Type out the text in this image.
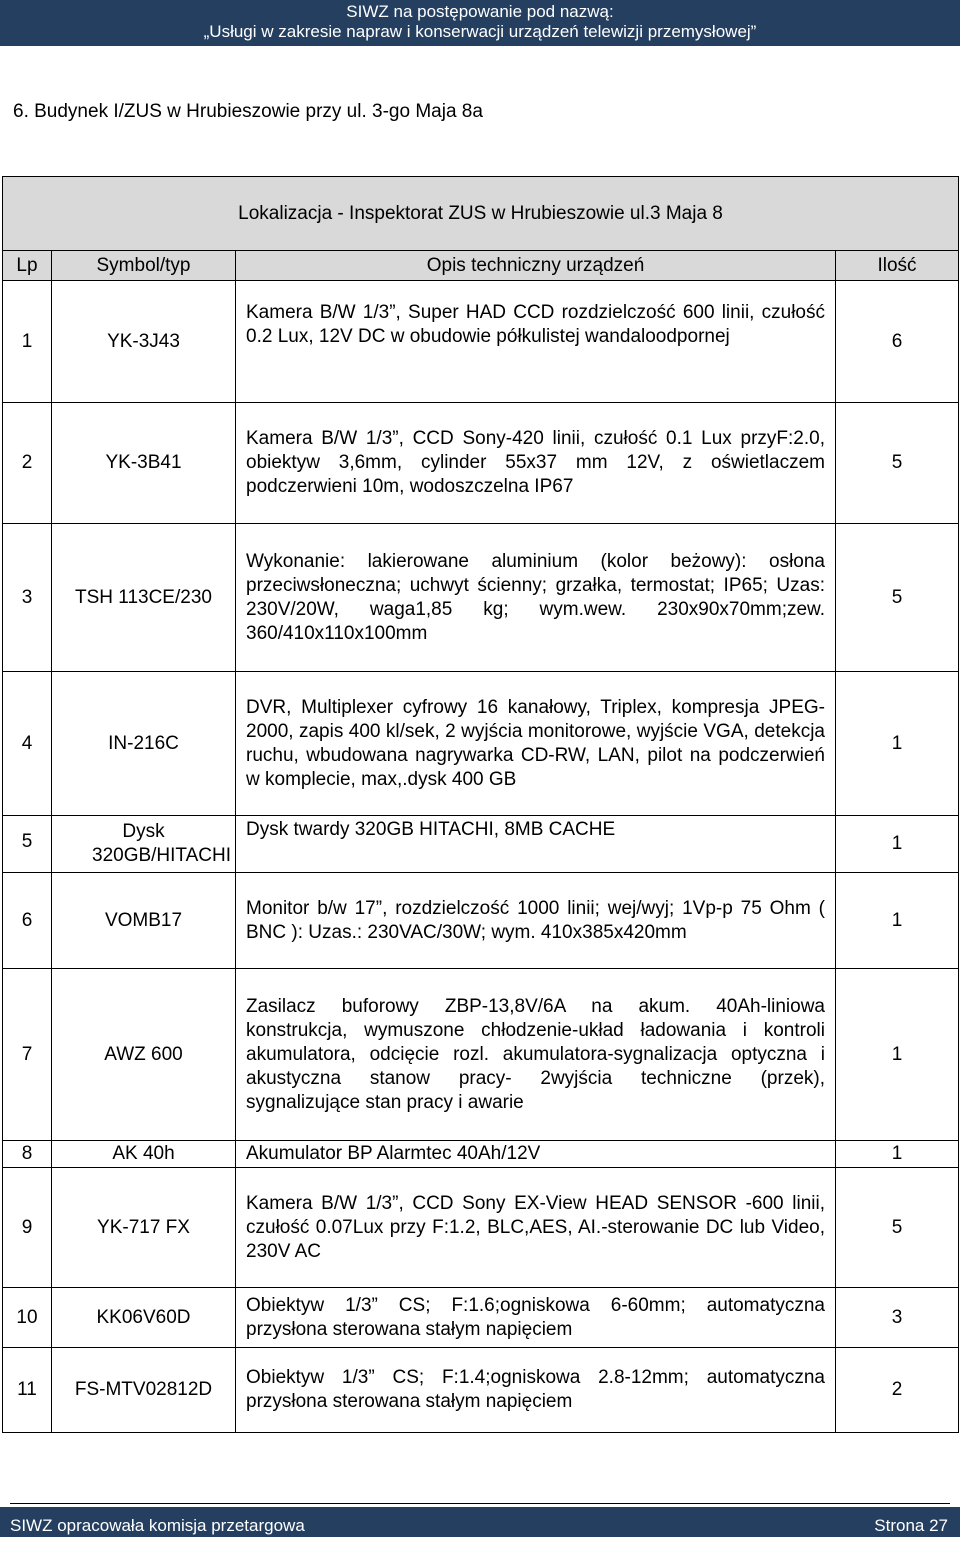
SIWZ na postępowanie pod nazwą:
„Usługi w zakresie napraw i konserwacji urządzeń telewizji przemysłowej”
6. Budynek I/ZUS w Hrubieszowie przy ul. 3-go Maja 8a
Lokalizacja - Inspektorat ZUS w Hrubieszowie ul.3 Maja 8			
Lp	Symbol/typ	Opis techniczny urządzeń	Ilość
1	YK-3J43	Kamera B/W 1/3”, Super HAD CCD rozdzielczość 600 linii, czułość 0.2 Lux, 12V DC w obudowie półkulistej wandaloodpornej	6
2	YK-3B41	Kamera B/W 1/3”, CCD Sony-420 linii, czułość 0.1 Lux przyF:2.0, obiektyw 3,6mm, cylinder 55x37 mm 12V, z oświetlaczem podczerwieni 10m, wodoszczelna IP67	5
3	TSH 113CE/230	Wykonanie: lakierowane aluminium (kolor beżowy): osłona przeciwsłoneczna; uchwyt ścienny; grzałka, termostat; IP65; Uzas: 230V/20W, waga1,85 kg; wym.wew. 230x90x70mm;zew. 360/410x110x100mm	5
4	IN-216C	DVR, Multiplexer cyfrowy 16 kanałowy, Triplex, kompresja JPEG-2000, zapis 400 kl/sek, 2 wyjścia monitorowe, wyjście VGA, detekcja ruchu, wbudowana nagrywarka CD-RW, LAN, pilot na podczerwień w komplecie, max,.dysk 400 GB	1
5	Dysk 320GB/HITACHI	Dysk twardy 320GB HITACHI, 8MB CACHE	1
6	VOMB17	Monitor b/w 17”, rozdzielczość 1000 linii; wej/wyj; 1Vp-p 75 Ohm ( BNC ): Uzas.: 230VAC/30W; wym. 410x385x420mm	1
7	AWZ 600	Zasilacz buforowy ZBP-13,8V/6A na akum. 40Ah-liniowa konstrukcja, wymuszone chłodzenie-układ ładowania i kontroli akumulatora, odcięcie rozl. akumulatora-sygnalizacja optyczna i akustyczna stanow pracy- 2wyjścia techniczne (przek), sygnalizujące stan pracy i awarie	1
8	AK 40h	Akumulator BP Alarmtec 40Ah/12V	1
9	YK-717 FX	Kamera B/W 1/3”, CCD Sony EX-View HEAD SENSOR -600 linii, czułość 0.07Lux przy F:1.2, BLC,AES, AI.-sterowanie DC lub Video, 230V AC	5
10	KK06V60D	Obiektyw 1/3” CS; F:1.6;ogniskowa 6-60mm; automatyczna przysłona sterowana stałym napięciem	3
11	FS-MTV02812D	Obiektyw 1/3” CS; F:1.4;ogniskowa 2.8-12mm; automatyczna przysłona sterowana stałym napięciem	2
SIWZ opracowała komisja przetargowa	Strona 27
